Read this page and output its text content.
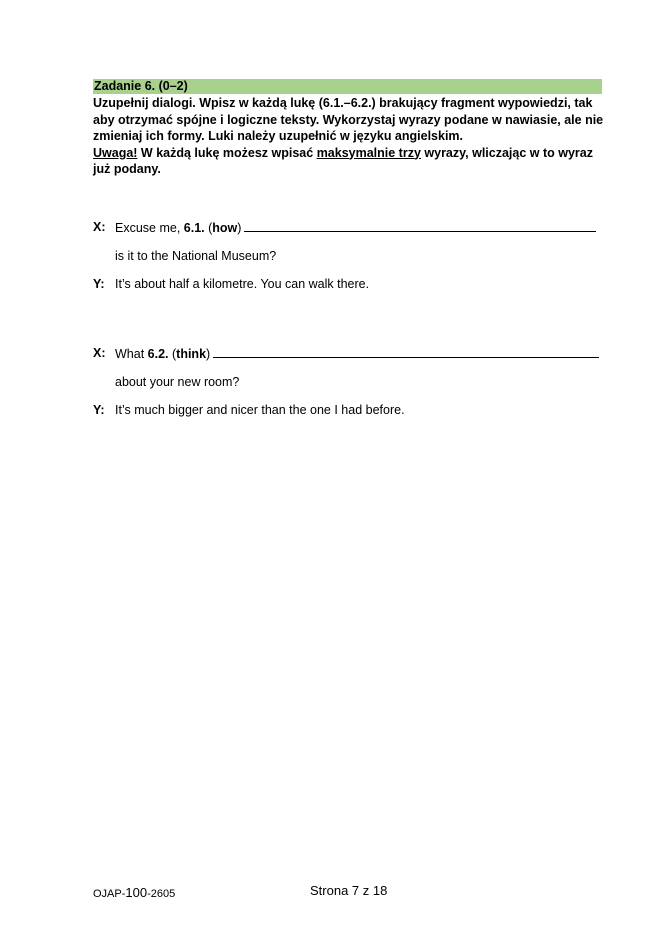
Zadanie 6. (0–2)

Uzupełnij dialogi. Wpisz w każdą lukę (6.1.–6.2.) brakujący fragment wypowiedzi, tak

aby otrzymać spójne i logiczne teksty. Wykorzystaj wyrazy podane w nawiasie, ale nie

zmieniaj ich formy. Luki należy uzupełnić w języku angielskim.

Uwaga! W każdą lukę możesz wpisać maksymalnie trzy wyrazy, wliczając w to wyraz

już podany.

X: Excuse me, 6.1. (how)
is it to the National Museum?
Y: It’s about half a kilometre. You can walk there.
X: What 6.2. (think)
about your new room?
Y: It’s much bigger and nicer than the one I had before.
OJAP-100-2605	Strona 7 z 18
